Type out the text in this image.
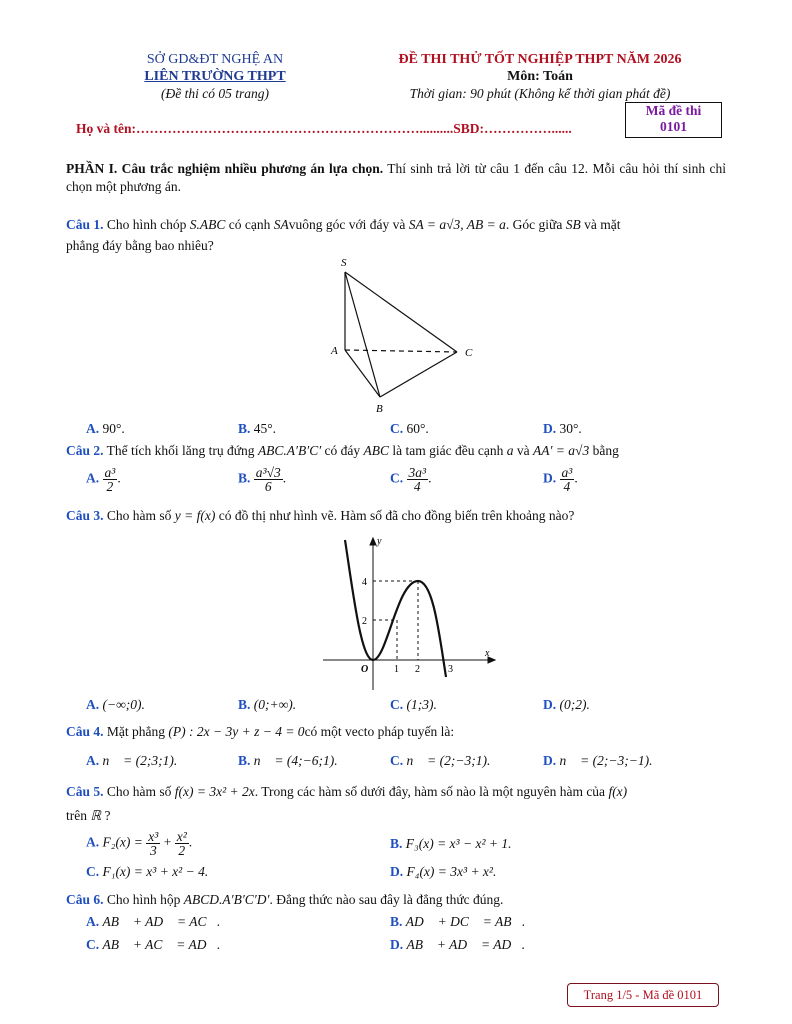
SỞ GD&ĐT NGHỆ AN
LIÊN TRƯỜNG THPT
(Đề thi có 05 trang)
ĐỀ THI THỬ TỐT NGHIỆP THPT NĂM 2026
Môn: Toán
Thời gian: 90 phút (Không kể thời gian phát đề)
Mã đề thi
0101
Họ và tên:………………………………………………………..........SBD:……………......
PHẦN I. Câu trắc nghiệm nhiều phương án lựa chọn. Thí sinh trả lời từ câu 1 đến câu 12. Mỗi câu hỏi thí sinh chỉ chọn một phương án.
Câu 1. Cho hình chóp S.ABC có cạnh SAvuông góc với đáy và SA = a√3, AB = a. Góc giữa SB và mặt
phẳng đáy bằng bao nhiêu?
S
A	C
B
A. 90°.	B. 45°.	C. 60°.	D. 30°.
Câu 2. Thể tích khối lăng trụ đứng ABC.A′B′C′ có đáy ABC là tam giác đều cạnh a và AA′ = a√3 bằng
A. $\frac{\text{a³}}{2}$ .	B. $\frac{\text{a³√3}}{6}$ .	C. $\frac{\text{3a³}}{4}$ .	D. $\frac{\text{a³}}{4}$ .
Câu 3. Cho hàm số y = f(x) có đồ thị như hình vẽ. Hàm số đã cho đồng biến trên khoảng nào?
y
x
O	1 2	3
2
4
A. (−∞;0).	B. (0;+∞).	C. (1;3).	D. (0;2).
Câu 4. Mặt phẳng (P) : 2x − 3y + z − 4 = 0có một vecto pháp tuyến là:
A. n⃗ = (2;3;1).	B. n⃗ = (4;−6;1).	C. n⃗ = (2;−3;1).	D. n⃗ = (2;−3;−1).
Câu 5. Cho hàm số f(x) = 3x² + 2x. Trong các hàm số dưới đây, hàm số nào là một nguyên hàm của f(x)
trên ℝ ?
A. $F_2(x) = \frac{\text{x³}}{3} + \frac{\text{x²}}{2}$ .	B. F₃(x) = x³ − x² + 1.
C. F₁(x) = x³ + x² − 4.	D. F₄(x) = 3x³ + x².
Câu 6. Cho hình hộp ABCD.A′B′C′D′. Đẳng thức nào sau đây là đẳng thức đúng.
A. AB⃗ + AD⃗ = AC⃗.	B. AD⃗ + DC⃗ = AB⃗.
C. AB⃗ + AC⃗ = AD⃗.	D. AB⃗ + AD⃗ = AD⃗.
Trang 1/5 - Mã đề 0101
